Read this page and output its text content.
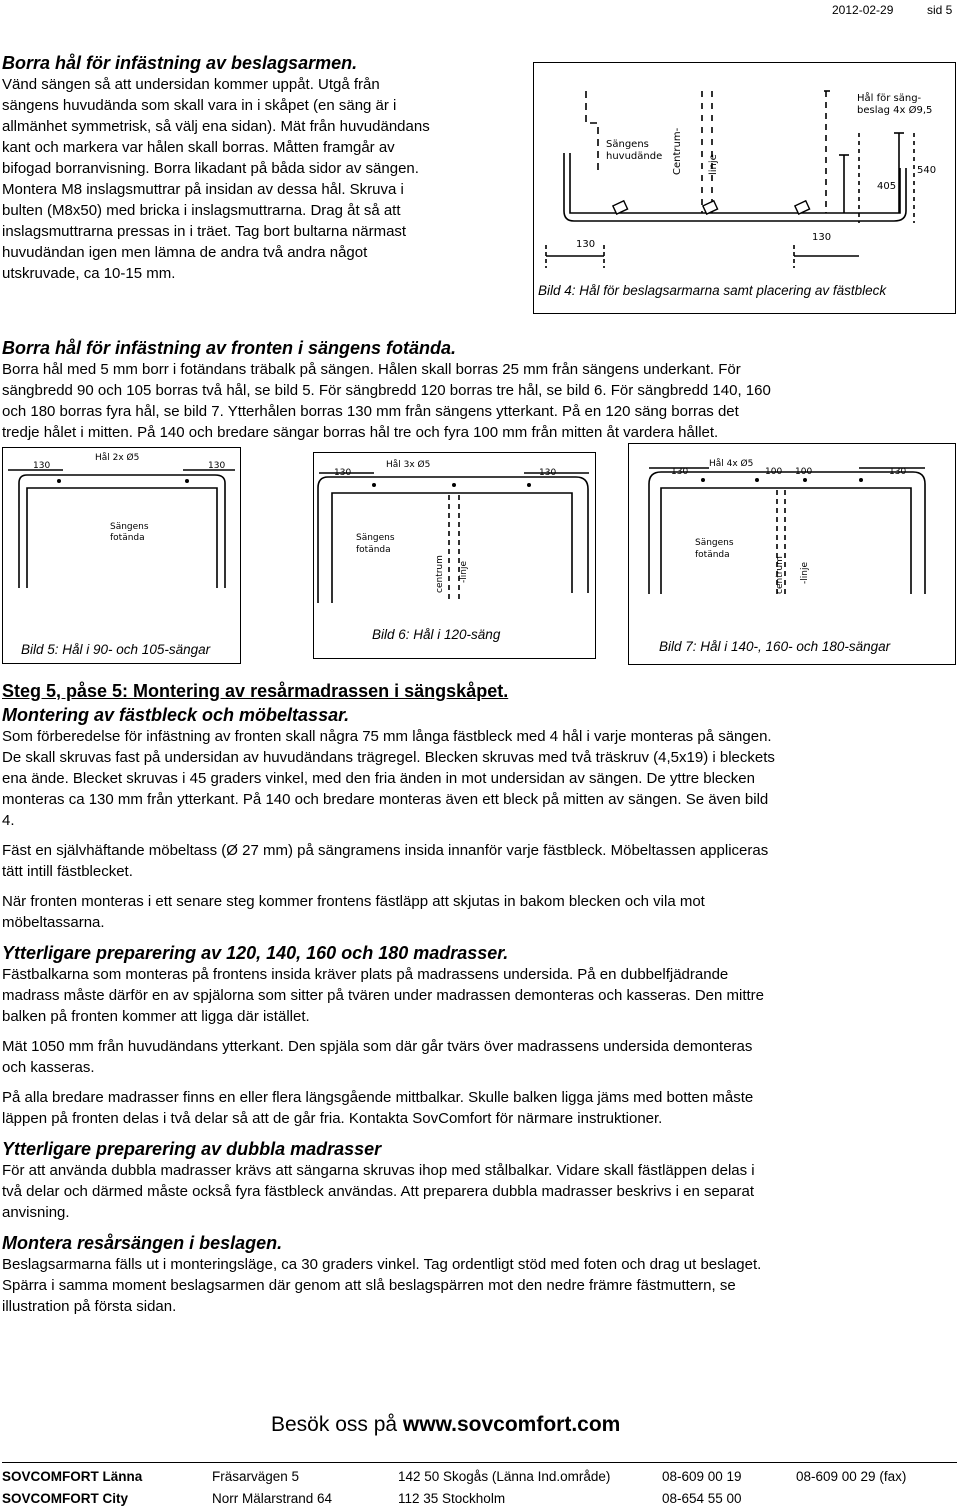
2012-02-29	sid 5
Borra hål för infästning av beslagsarmen.
Vänd sängen så att undersidan kommer uppåt. Utgå från
sängens huvudända som skall vara in i skåpet (en säng är i
allmänhet symmetrisk, så välj ena sidan). Mät från huvudändans
kant och markera var hålen skall borras. Måtten framgår av
bifogad borranvisning. Borra likadant på båda sidor av sängen.
Montera M8 inslagsmuttrar på insidan av dessa hål. Skruva i
bulten (M8x50) med bricka i inslagsmuttrarna. Drag åt så att
inslagsmuttrarna pressas in i träet. Tag bort bultarna närmast
huvudändan igen men lämna de andra två andra något
utskruvade, ca 10-15 mm.
Sängens
huvudände Centrum-	linje
Hål för säng-
beslag 4x Ø9,5
540
405
130
130
Bild 4: Hål för beslagsarmarna samt placering av fästbleck
Borra hål för infästning av fronten i sängens fotända.
Borra hål med 5 mm borr i fotändans träbalk på sängen. Hålen skall borras 25 mm från sängens underkant. För
sängbredd 90 och 105 borras två hål, se bild 5. För sängbredd 120 borras tre hål, se bild 6. För sängbredd 140, 160
och 180 borras fyra hål, se bild 7. Ytterhålen borras 130 mm från sängens ytterkant. På en 120 säng borras det
tredje hålet i mitten. På 140 och bredare sängar borras hål tre och fyra 100 mm från mitten åt vardera hållet.
130
Hål 2x Ø5
130
Sängens
fotända
Bild 5: Hål i 90- och 105-sängar
130
Hål 3x Ø5
130
Sängens
fotända
centrum -linje
Bild 6: Hål i 120-säng
130
Hål 4x Ø5
100 100	130
Sängens
fotända
centrum -linje
Bild 7: Hål i 140-, 160- och 180-sängar
Steg 5, påse 5: Montering av resårmadrassen i sängskåpet.
Montering av fästbleck och möbeltassar.

Som förberedelse för infästning av fronten skall några 75 mm långa fästbleck med 4 hål i varje monteras på sängen.
De skall skruvas fast på undersidan av huvudändans trägregel. Blecken skruvas med två träskruv (4,5x19) i bleckets
ena ände. Blecket skruvas i 45 graders vinkel, med den fria änden in mot undersidan av sängen. De yttre blecken
monteras ca 130 mm från ytterkant. På 140 och bredare monteras även ett bleck på mitten av sängen. Se även bild
4.

Fäst en självhäftande möbeltass (Ø 27 mm) på sängramens insida innanför varje fästbleck. Möbeltassen appliceras
tätt intill fästblecket.

När fronten monteras i ett senare steg kommer frontens fästläpp att skjutas in bakom blecken och vila mot
möbeltassarna.

Ytterligare preparering av 120, 140, 160 och 180 madrasser.

Fästbalkarna som monteras på frontens insida kräver plats på madrassens undersida. På en dubbelfjädrande
madrass måste därför en av spjälorna som sitter på tvären under madrassen demonteras och kasseras. Den mittre
balken på fronten kommer att ligga där istället.

Mät 1050 mm från huvudändans ytterkant. Den spjäla som där går tvärs över madrassens undersida demonteras
och kasseras.

På alla bredare madrasser finns en eller flera längsgående mittbalkar. Skulle balken ligga jäms med botten måste
läppen på fronten delas i två delar så att de går fria. Kontakta SovComfort för närmare instruktioner.

Ytterligare preparering av dubbla madrasser

För att använda dubbla madrasser krävs att sängarna skruvas ihop med stålbalkar. Vidare skall fästläppen delas i
två delar och därmed måste också fyra fästbleck användas. Att preparera dubbla madrasser beskrivs i en separat
anvisning.

Montera resårsängen i beslagen.

Beslagsarmarna fälls ut i monteringsläge, ca 30 graders vinkel. Tag ordentligt stöd med foten och drag ut beslaget.
Spärra i samma moment beslagsarmen där genom att slå beslagspärren mot den nedre främre fästmuttern, se
illustration på första sidan.

Besök oss på www.sovcomfort.com
SOVCOMFORT Länna	Fräsarvägen 5	142 50 Skogås (Länna Ind.område)	08-609 00 19	08-609 00 29 (fax)
SOVCOMFORT City	Norr Mälarstrand 64	112 35 Stockholm	08-654 55 00
